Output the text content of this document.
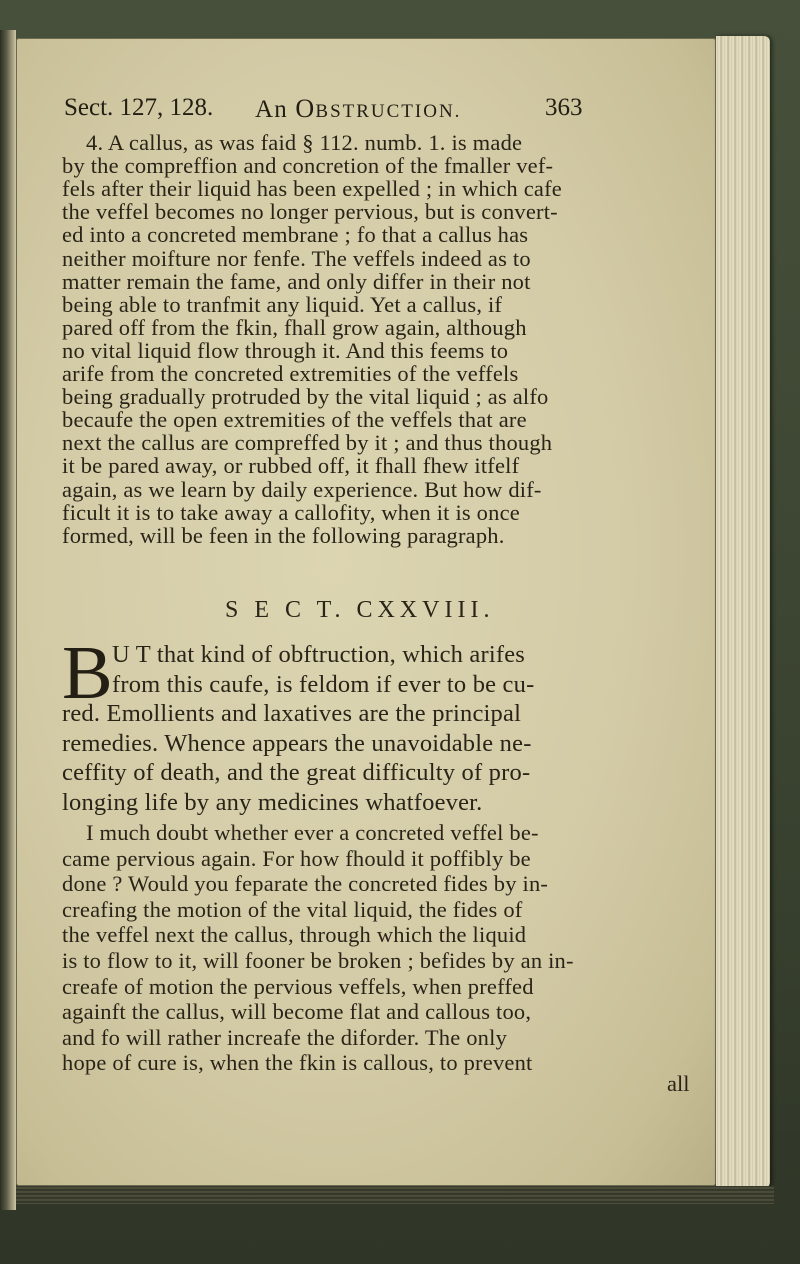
Sect. 127, 128. An OBSTRUCTION.	363
4. A callus, as was faid § 112. numb. 1. is made
by the compreffion and concretion of the fmaller vef-
fels after their liquid has been expelled ; in which cafe
the veffel becomes no longer pervious, but is convert-
ed into a concreted membrane ; fo that a callus has
neither moifture nor fenfe. The veffels indeed as to
matter remain the fame, and only differ in their not
being able to tranfmit any liquid. Yet a callus, if
pared off from the fkin, fhall grow again, although
no vital liquid flow through it. And this feems to
arife from the concreted extremities of the veffels
being gradually protruded by the vital liquid ; as alfo
becaufe the open extremities of the veffels that are
next the callus are compreffed by it ; and thus though
it be pared away, or rubbed off, it fhall fhew itfelf
again, as we learn by daily experience. But how dif-
ficult it is to take away a callofity, when it is once
formed, will be feen in the following paragraph.
S E C T. CXXVIII.
B U T that kind of obftruction, which arifes
from this caufe, is feldom if ever to be cu-
red. Emollients and laxatives are the principal
remedies. Whence appears the unavoidable ne-
ceffity of death, and the great difficulty of pro-
longing life by any medicines whatfoever.
I much doubt whether ever a concreted veffel be-
came pervious again. For how fhould it poffibly be
done ? Would you feparate the concreted fides by in-
creafing the motion of the vital liquid, the fides of
the veffel next the callus, through which the liquid
is to flow to it, will fooner be broken ; befides by an in-
creafe of motion the pervious veffels, when preffed
againft the callus, will become flat and callous too,
and fo will rather increafe the diforder. The only
hope of cure is, when the fkin is callous, to prevent
all
